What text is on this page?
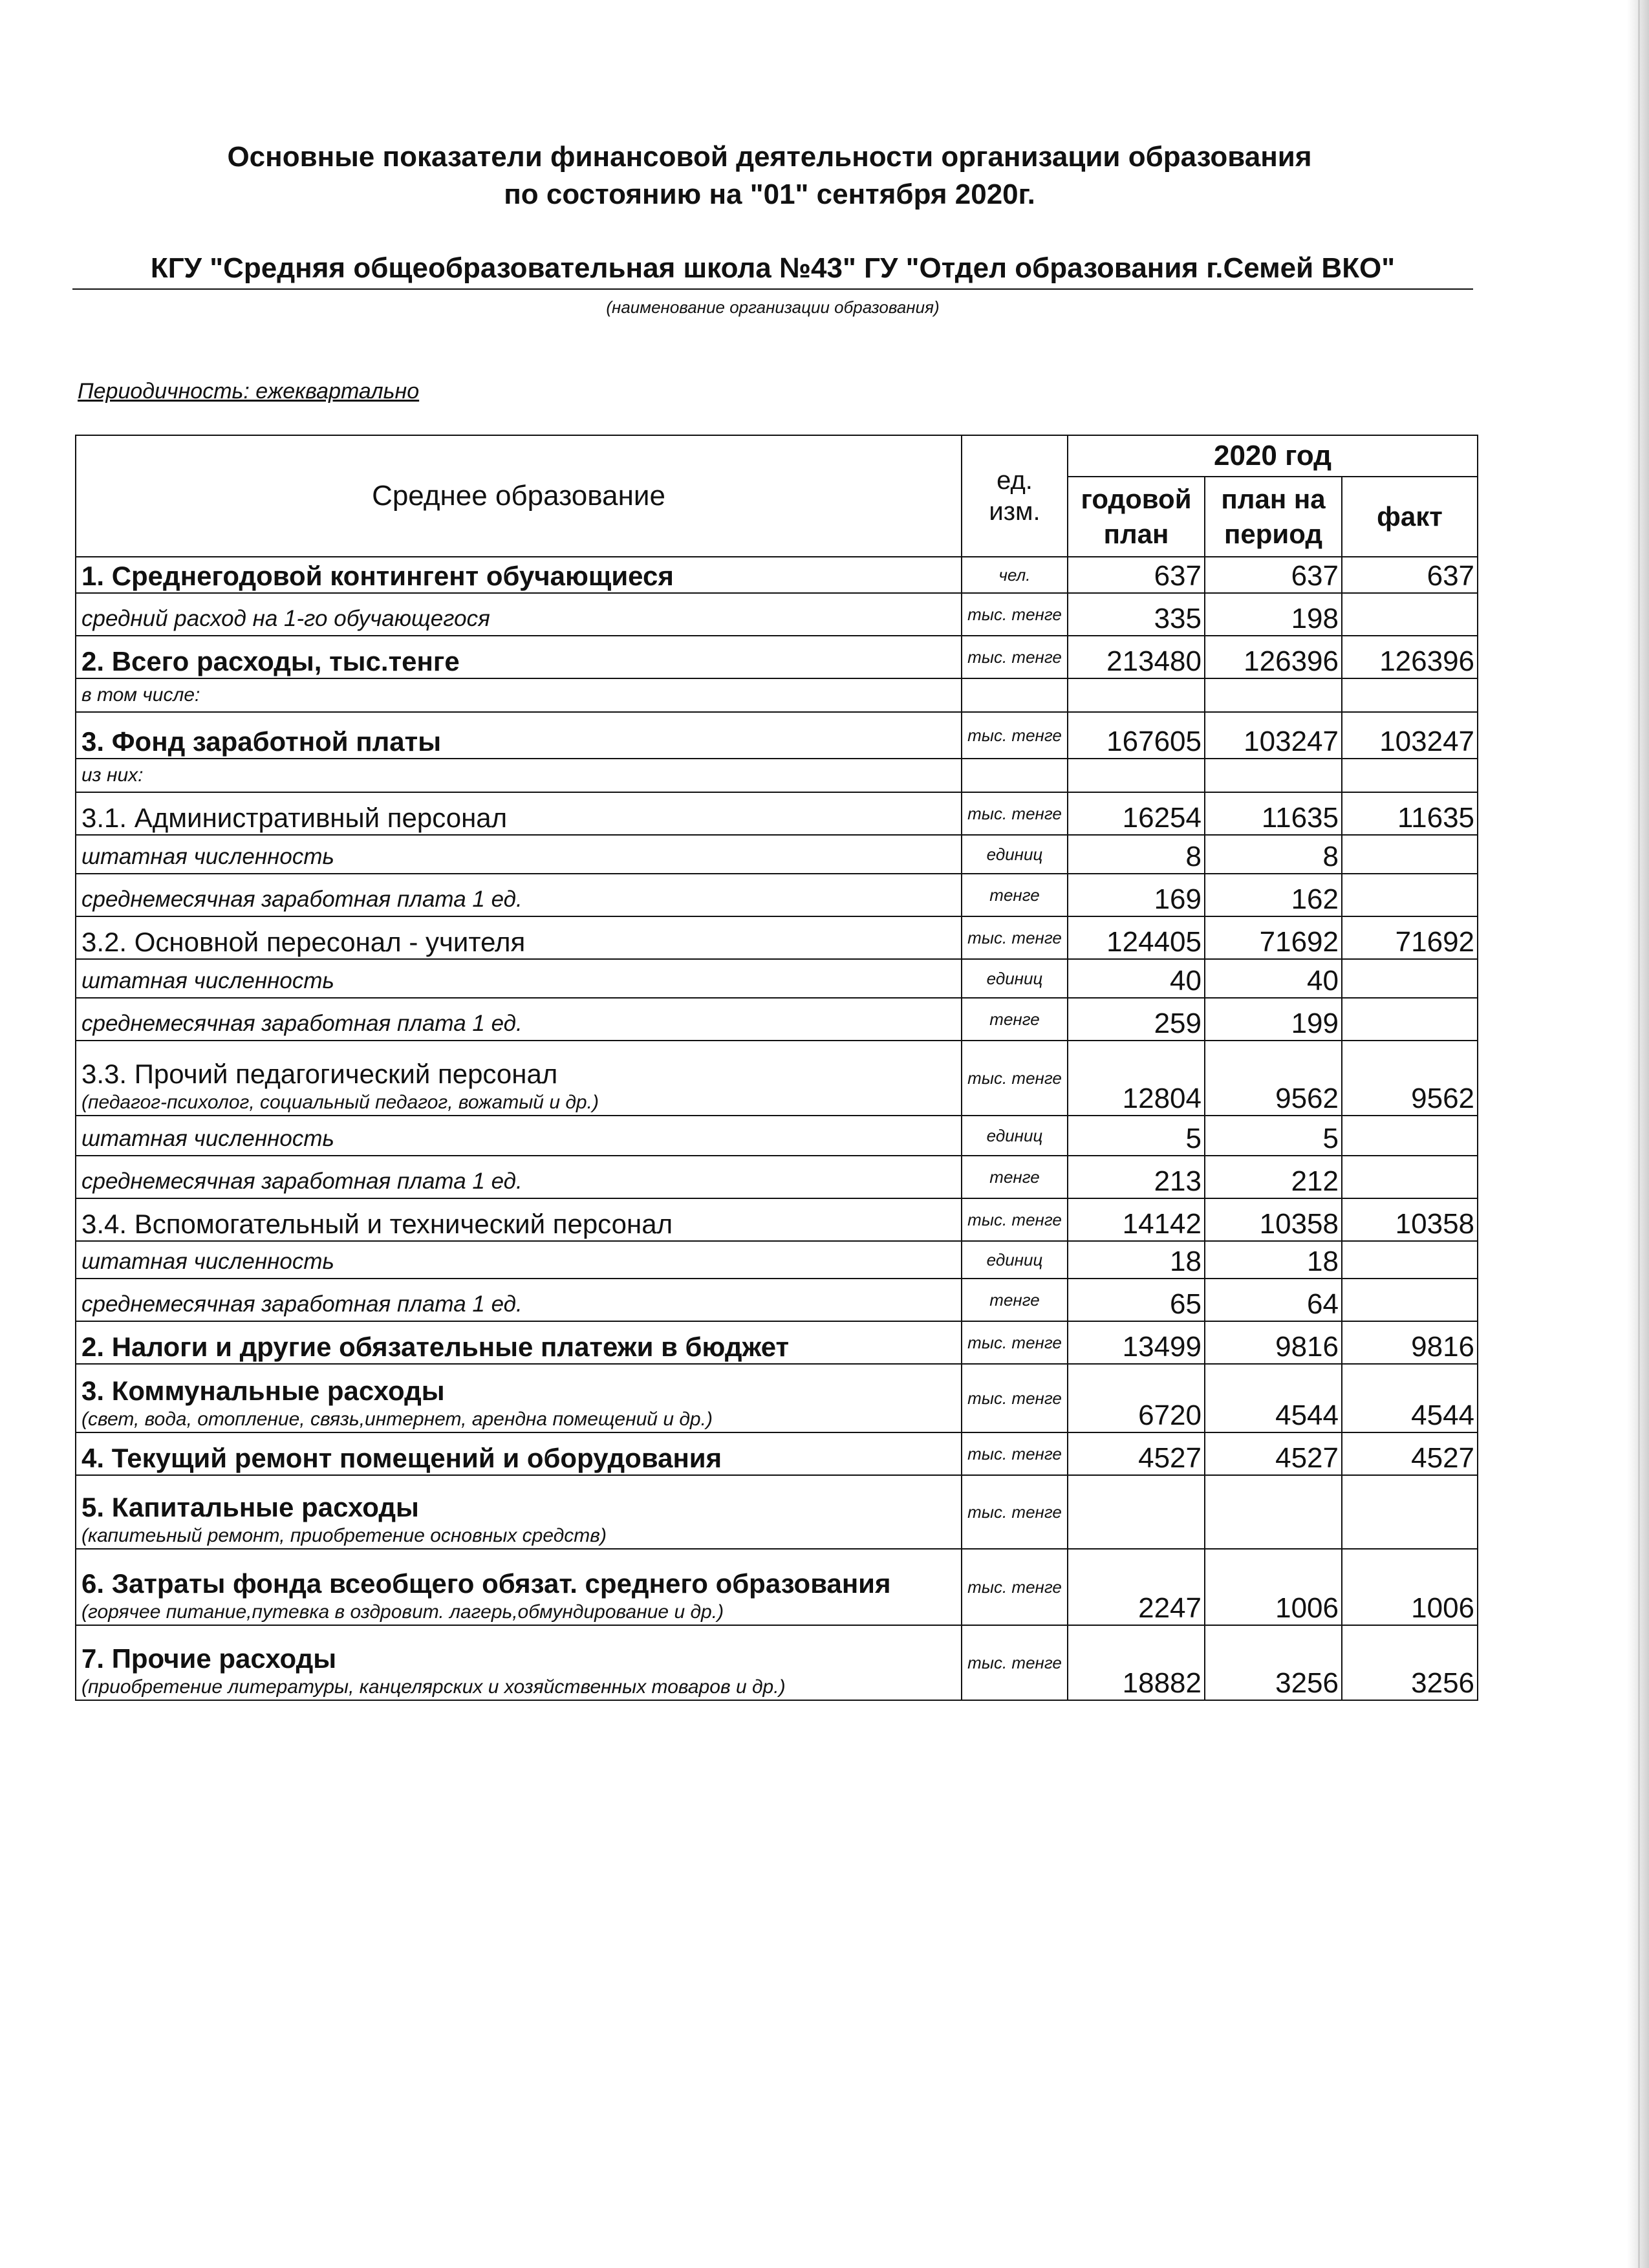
Основные показатели финансовой деятельности организации образования
по состоянию на "01" сентября 2020г.
КГУ "Средняя общеобразовательная школа №43" ГУ "Отдел образования г.Семей ВКО"
(наименование организации образования)
Периодичность: ежеквартально
Среднее образование	ед. изм.	2020 год		
		годовой план	план на период	факт
1. Среднегодовой контингент обучающиеся	чел.	637	637	637
средний расход на 1-го обучающегося	тыс. тенге	335	198	
2. Всего расходы, тыс.тенге	тыс. тенге	213480	126396	126396
в том числе:				
3. Фонд заработной платы	тыс. тенге	167605	103247	103247
из них:				
3.1. Административный персонал	тыс. тенге	16254	11635	11635
штатная численность	единиц	8	8	
среднемесячная заработная плата 1 ед.	тенге	169	162	
3.2. Основной пересонал - учителя	тыс. тенге	124405	71692	71692
штатная численность	единиц	40	40	
среднемесячная заработная плата 1 ед.	тенге	259	199	
3.3. Прочий педагогический персонал
(педагог-психолог, социальный педагог, вожатый и др.)	тыс. тенге	12804	9562	9562
штатная численность	единиц	5	5	
среднемесячная заработная плата 1 ед.	тенге	213	212	
3.4. Вспомогательный и технический персонал	тыс. тенге	14142	10358	10358
штатная численность	единиц	18	18	
среднемесячная заработная плата 1 ед.	тенге	65	64	
2. Налоги и другие обязательные платежи в бюджет	тыс. тенге	13499	9816	9816
3. Коммунальные расходы
(свет, вода, отопление, связь,интернет, арендна помещений и др.)	тыс. тенге	6720	4544	4544
4. Текущий ремонт помещений и оборудования	тыс. тенге	4527	4527	4527
5. Капитальные расходы
(капитеьный ремонт, приобретение основных средств)	тыс. тенге			
6. Затраты фонда всеобщего обязат. среднего образования
(горячее питание,путевка в оздровит. лагерь,обмундирование и др.)	тыс. тенге	2247	1006	1006
7. Прочие расходы
(приобретение литературы, канцелярских и хозяйственных товаров и др.)	тыс. тенге	18882	3256	3256
